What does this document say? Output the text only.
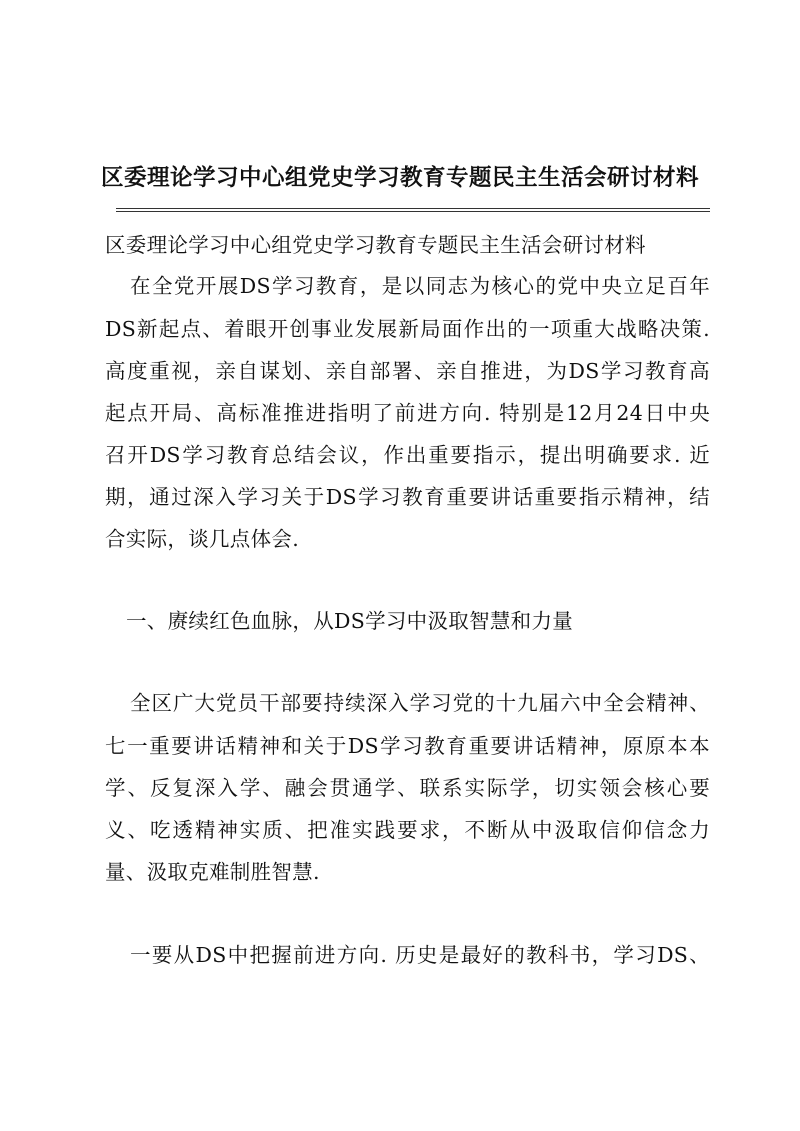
区委理论学习中心组党史学习教育专题民主生活会研讨材料
区委理论学习中心组党史学习教育专题民主生活会研讨材料
在全党开展DS学习教育，是以同志为核心的党中央立足百年
DS新起点、着眼开创事业发展新局面作出的一项重大战略决策.
高度重视，亲自谋划、亲自部署、亲自推进，为DS学习教育高
起点开局、高标准推进指明了前进方向. 特别是12月24日中央
召开DS学习教育总结会议，作出重要指示，提出明确要求. 近
期，通过深入学习关于DS学习教育重要讲话重要指示精神，结
合实际，谈几点体会.
一、赓续红色血脉，从DS学习中汲取智慧和力量
全区广大党员干部要持续深入学习党的十九届六中全会精神、
七一重要讲话精神和关于DS学习教育重要讲话精神，原原本本
学、反复深入学、融会贯通学、联系实际学，切实领会核心要
义、吃透精神实质、把准实践要求，不断从中汲取信仰信念力
量、汲取克难制胜智慧.
一要从DS中把握前进方向. 历史是最好的教科书，学习DS、
